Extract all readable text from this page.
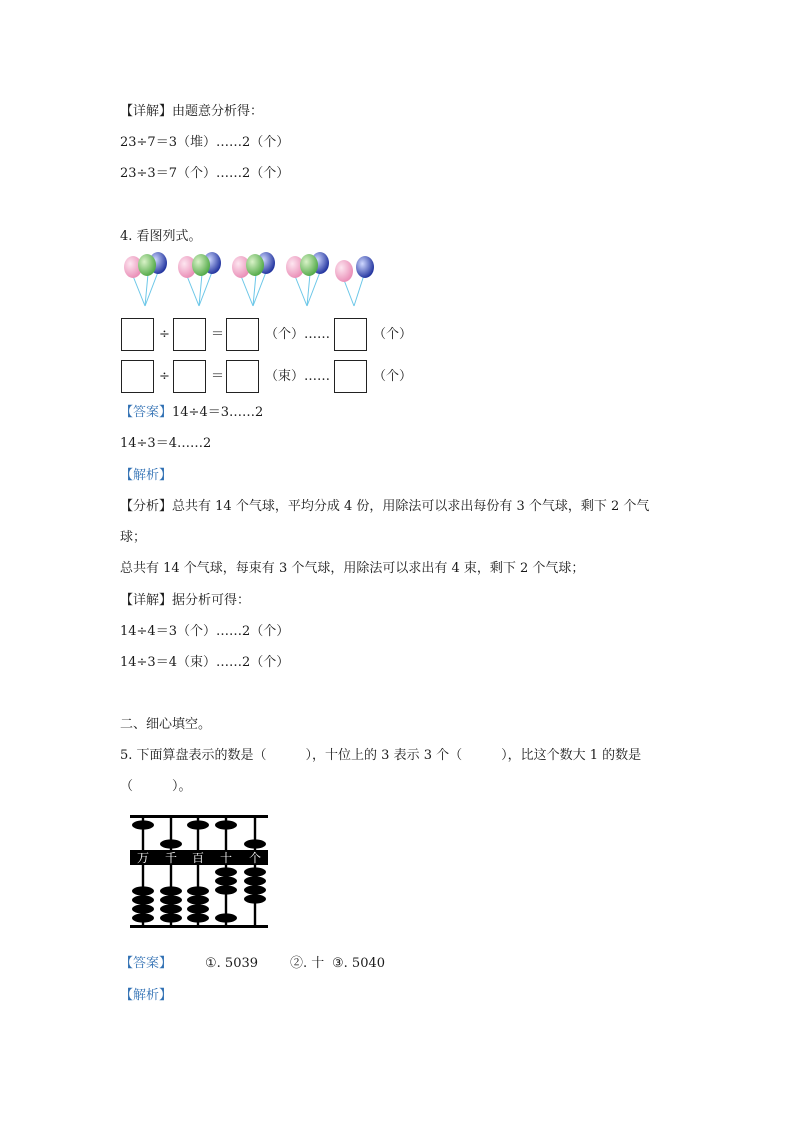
【详解】由题意分析得：
23÷7＝3（堆）……2（个）
23÷3＝7（个）……2（个）
4. 看图列式。
÷	＝	（个）……	（个）
÷	＝	（束）……	（个）
【答案】14÷4＝3……2
14÷3＝4……2
【解析】
【分析】总共有 14 个气球，平均分成 4 份，用除法可以求出每份有 3 个气球，剩下 2 个气
球；
总共有 14 个气球，每束有 3 个气球，用除法可以求出有 4 束，剩下 2 个气球；
【详解】据分析可得：
14÷4＝3（个）……2（个）
14÷3＝4（束）……2（个）
二、细心填空。
5. 下面算盘表示的数是（　　　），十位上的 3 表示 3 个（　　　），比这个数大 1 的数是
（　　　）。
万 千 百 十 个
【答案】	①. 5039 ②. 十 ③. 5040
【解析】
